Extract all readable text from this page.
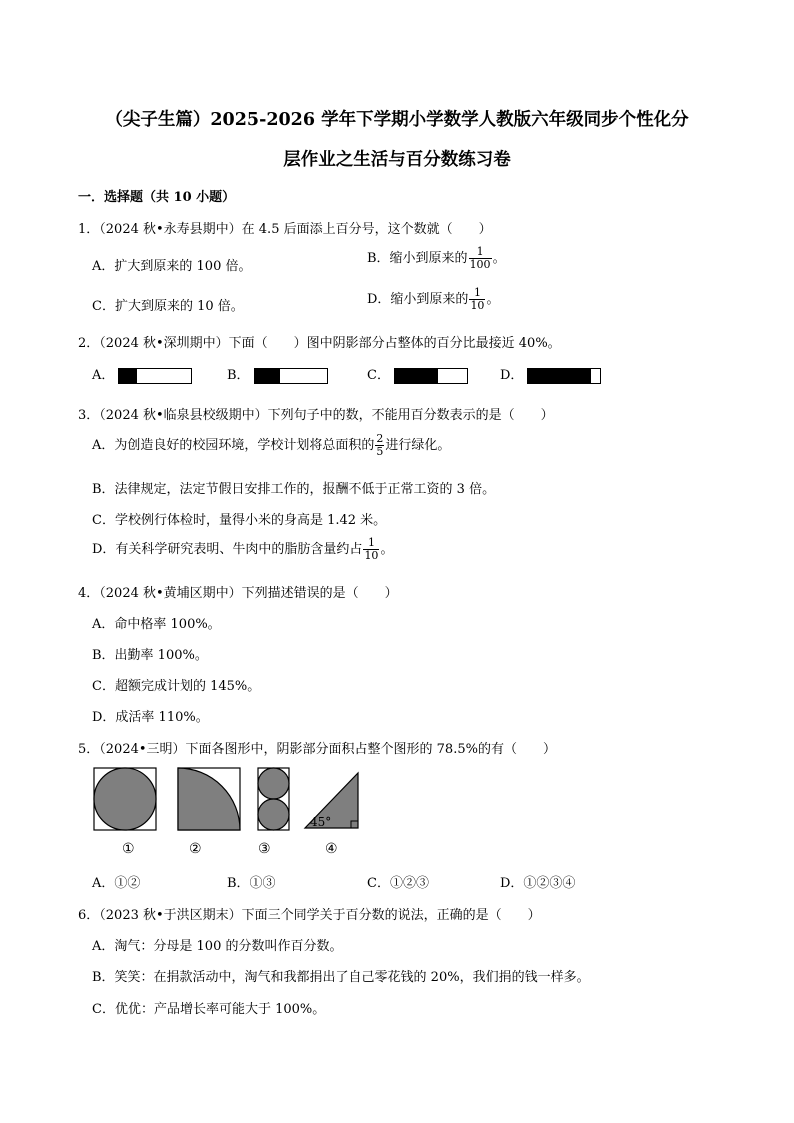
（尖子生篇）2025-2026 学年下学期小学数学人教版六年级同步个性化分
层作业之生活与百分数练习卷
一．选择题（共 10 小题）
1．（2024 秋•永寿县期中）在 4.5 后面添上百分号，这个数就（　　）
A．扩大到原来的 100 倍。
B．缩小到原来的 $\frac{1}{100}$ 。
C．扩大到原来的 10 倍。	D．缩小到原来的 $\frac{1}{10}$ 。
2．（2024 秋•深圳期中）下面（　　）图中阴影部分占整体的百分比最接近 40%。
A．	B．	C．	D．
3．（2024 秋•临泉县校级期中）下列句子中的数，不能用百分数表示的是（　　）
A．为创造良好的校园环境，学校计划将总面积的 $\frac{2}{5}$ 进行绿化。
B．法律规定，法定节假日安排工作的，报酬不低于正常工资的 3 倍。
C．学校例行体检时，量得小米的身高是 1.42 米。
D．有关科学研究表明、牛肉中的脂肪含量约占 $\frac{1}{10}$ 。
4．（2024 秋•黄埔区期中）下列描述错误的是（　　）
A．命中格率 100%。
B．出勤率 100%。
C．超额完成计划的 145%。
D．成活率 110%。
5．（2024•三明）下面各图形中，阴影部分面积占整个图形的 78.5%的有（　　）
45°
①	②	③	④
A．①②	B．①③	C．①②③	D．①②③④
6．（2023 秋•于洪区期末）下面三个同学关于百分数的说法，正确的是（　　）
A．淘气：分母是 100 的分数叫作百分数。
B．笑笑：在捐款活动中，淘气和我都捐出了自己零花钱的 20%，我们捐的钱一样多。
C．优优：产品增长率可能大于 100%。
